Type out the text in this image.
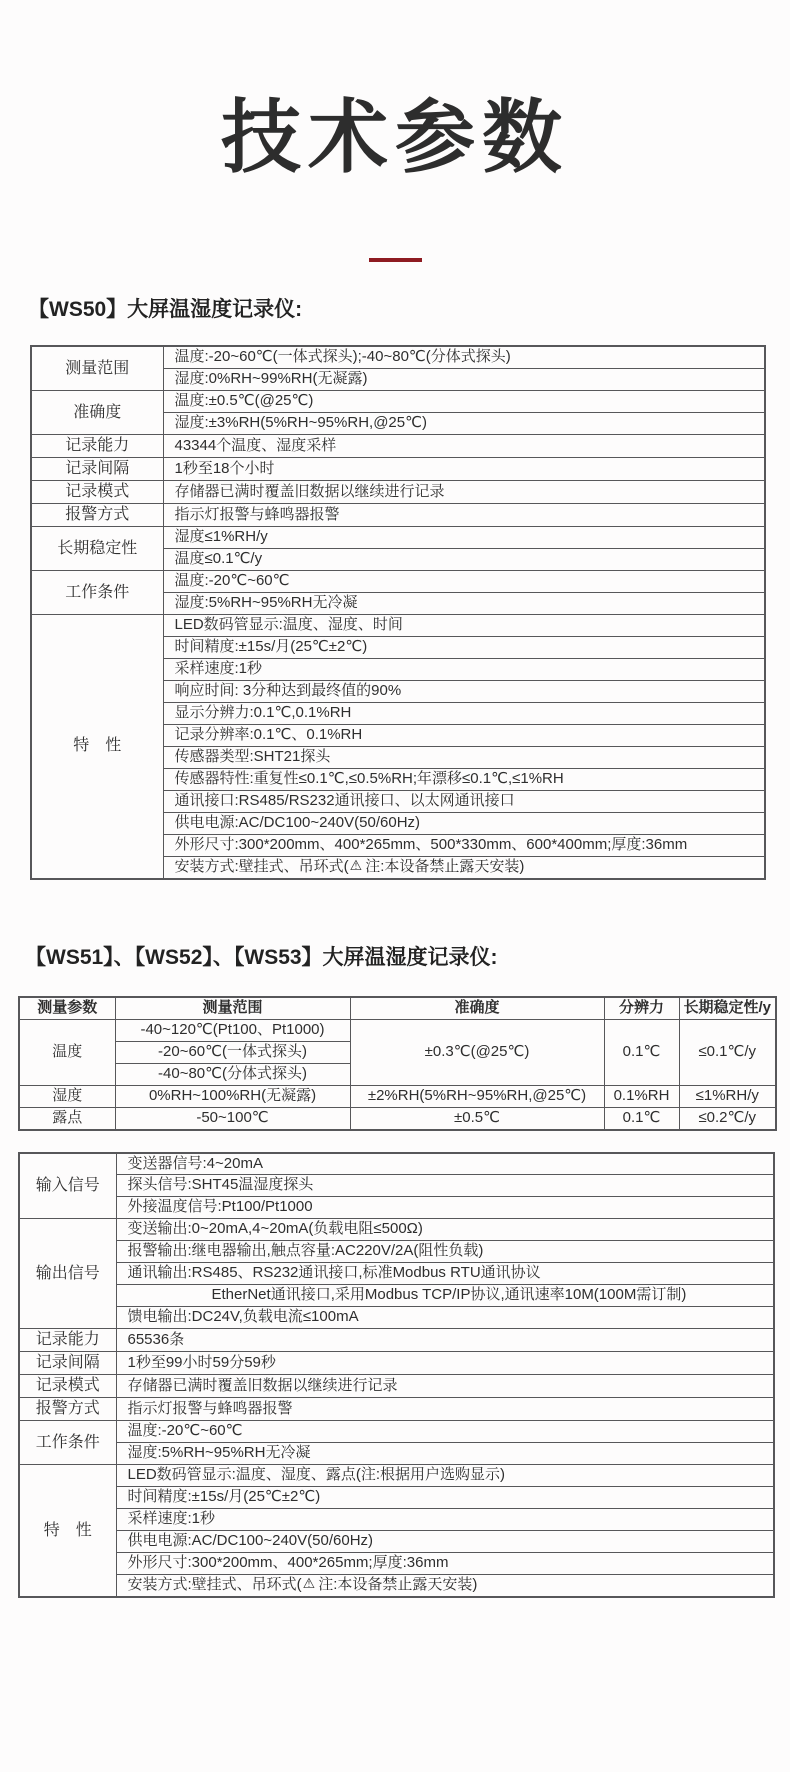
技术参数
【WS50】大屏温湿度记录仪:
测量范围	温度:-20~60℃(一体式探头);-40~80℃(分体式探头)
	湿度:0%RH~99%RH(无凝露)
准确度	温度:±0.5℃(@25℃)
	湿度:±3%RH(5%RH~95%RH,@25℃)
记录能力	43344个温度、湿度采样
记录间隔	1秒至18个小时
记录模式	存储器已满时覆盖旧数据以继续进行记录
报警方式	指示灯报警与蜂鸣器报警
长期稳定性	湿度≤1%RH/y
	温度≤0.1℃/y
工作条件	温度:-20℃~60℃
	湿度:5%RH~95%RH无冷凝
特　性	LED数码管显示:温度、湿度、时间
	时间精度:±15s/月(25℃±2℃)
	采样速度:1秒
	响应时间: 3分种达到最终值的90%
	显示分辨力:0.1℃,0.1%RH
	记录分辨率:0.1℃、0.1%RH
	传感器类型:SHT21探头
	传感器特性:重复性≤0.1℃,≤0.5%RH;年漂移≤0.1℃,≤1%RH
	通讯接口:RS485/RS232通讯接口、以太网通讯接口
	供电电源:AC/DC100~240V(50/60Hz)
	外形尺寸:300*200mm、400*265mm、500*330mm、600*400mm;厚度:36mm
	安装方式:壁挂式、吊环式(⚠ 注:本设备禁止露天安装)
【WS51】、【WS52】、【WS53】大屏温湿度记录仪:
测量参数	测量范围	准确度	分辨力	长期稳定性/y
温度	-40~120℃(Pt100、Pt1000)	±0.3℃(@25℃)	0.1℃	≤0.1℃/y
	-20~60℃(一体式探头)			
	-40~80℃(分体式探头)			
湿度	0%RH~100%RH(无凝露)	±2%RH(5%RH~95%RH,@25℃)	0.1%RH	≤1%RH/y
露点	-50~100℃	±0.5℃	0.1℃	≤0.2℃/y
输入信号	变送器信号:4~20mA
	探头信号:SHT45温湿度探头
	外接温度信号:Pt100/Pt1000
输出信号	变送输出:0~20mA,4~20mA(负载电阻≤500Ω)
	报警输出:继电器输出,触点容量:AC220V/2A(阻性负载)
	通讯输出:RS485、RS232通讯接口,标准Modbus RTU通讯协议
	EtherNet通讯接口,采用Modbus TCP/IP协议,通讯速率10M(100M需订制)
	馈电输出:DC24V,负载电流≤100mA
记录能力	65536条
记录间隔	1秒至99小时59分59秒
记录模式	存储器已满时覆盖旧数据以继续进行记录
报警方式	指示灯报警与蜂鸣器报警
工作条件	温度:-20℃~60℃
	湿度:5%RH~95%RH无冷凝
特　性	LED数码管显示:温度、湿度、露点(注:根据用户选购显示)
	时间精度:±15s/月(25℃±2℃)
	采样速度:1秒
	供电电源:AC/DC100~240V(50/60Hz)
	外形尺寸:300*200mm、400*265mm;厚度:36mm
	安装方式:壁挂式、吊环式(⚠ 注:本设备禁止露天安装)
